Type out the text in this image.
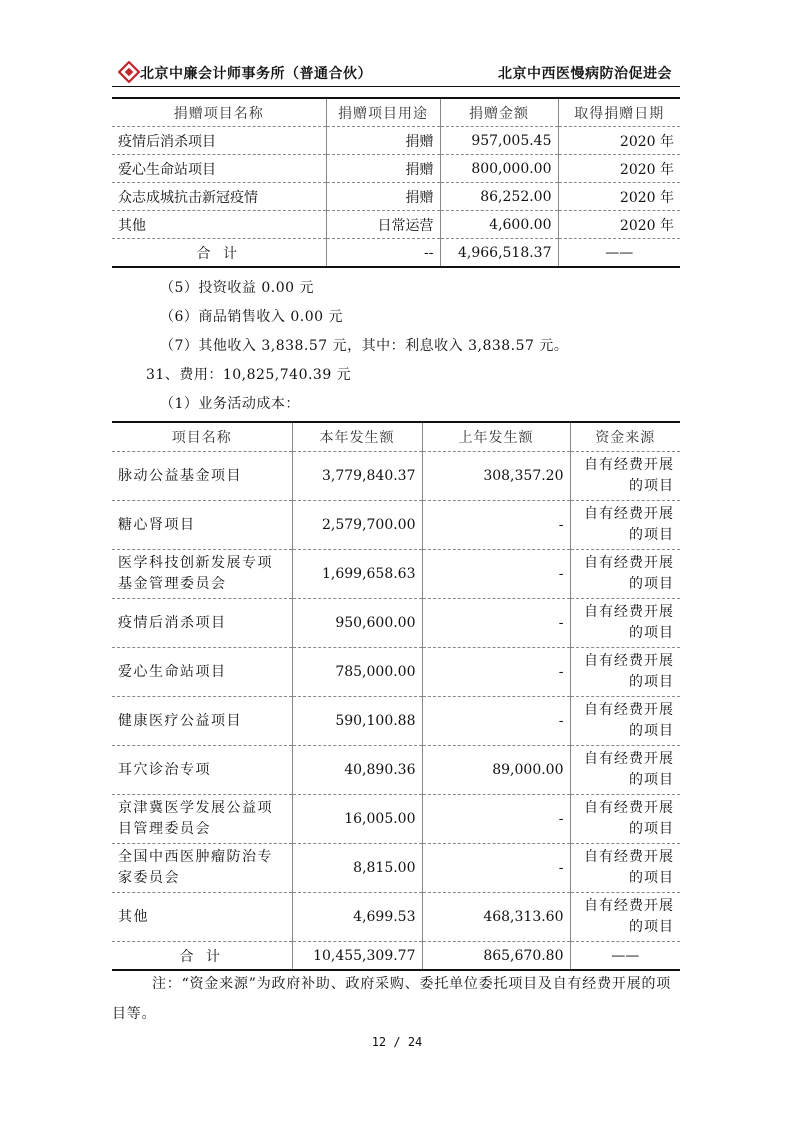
北京中廉会计师事务所（普通合伙）	北京中西医慢病防治促进会
捐赠项目名称	捐赠项目用途	捐赠金额	取得捐赠日期
疫情后消杀项目	捐赠	957,005.45	2020 年
爱心生命站项目	捐赠	800,000.00	2020 年
众志成城抗击新冠疫情	捐赠	86,252.00	2020 年
其他	日常运营	4,600.00	2020 年
合 计	--	4,966,518.37	——
（5）投资收益 0.00 元
（6）商品销售收入 0.00 元
（7）其他收入 3,838.57 元，其中：利息收入 3,838.57 元。
31、费用：10,825,740.39 元
（1）业务活动成本：
项目名称	本年发生额	上年发生额	资金来源
脉动公益基金项目	3,779,840.37	308,357.20	自有经费开展的项目
糖心肾项目	2,579,700.00	-	自有经费开展的项目
医学科技创新发展专项基金管理委员会	1,699,658.63	-	自有经费开展的项目
疫情后消杀项目	950,600.00	-	自有经费开展的项目
爱心生命站项目	785,000.00	-	自有经费开展的项目
健康医疗公益项目	590,100.88	-	自有经费开展的项目
耳穴诊治专项	40,890.36	89,000.00	自有经费开展的项目
京津冀医学发展公益项目管理委员会	16,005.00	-	自有经费开展的项目
全国中西医肿瘤防治专家委员会	8,815.00	-	自有经费开展的项目
其他	4,699.53	468,313.60	自有经费开展的项目
合 计	10,455,309.77	865,670.80	——
注：“资金来源”为政府补助、政府采购、委托单位委托项目及自有经费开展的项目等。
12 / 24
